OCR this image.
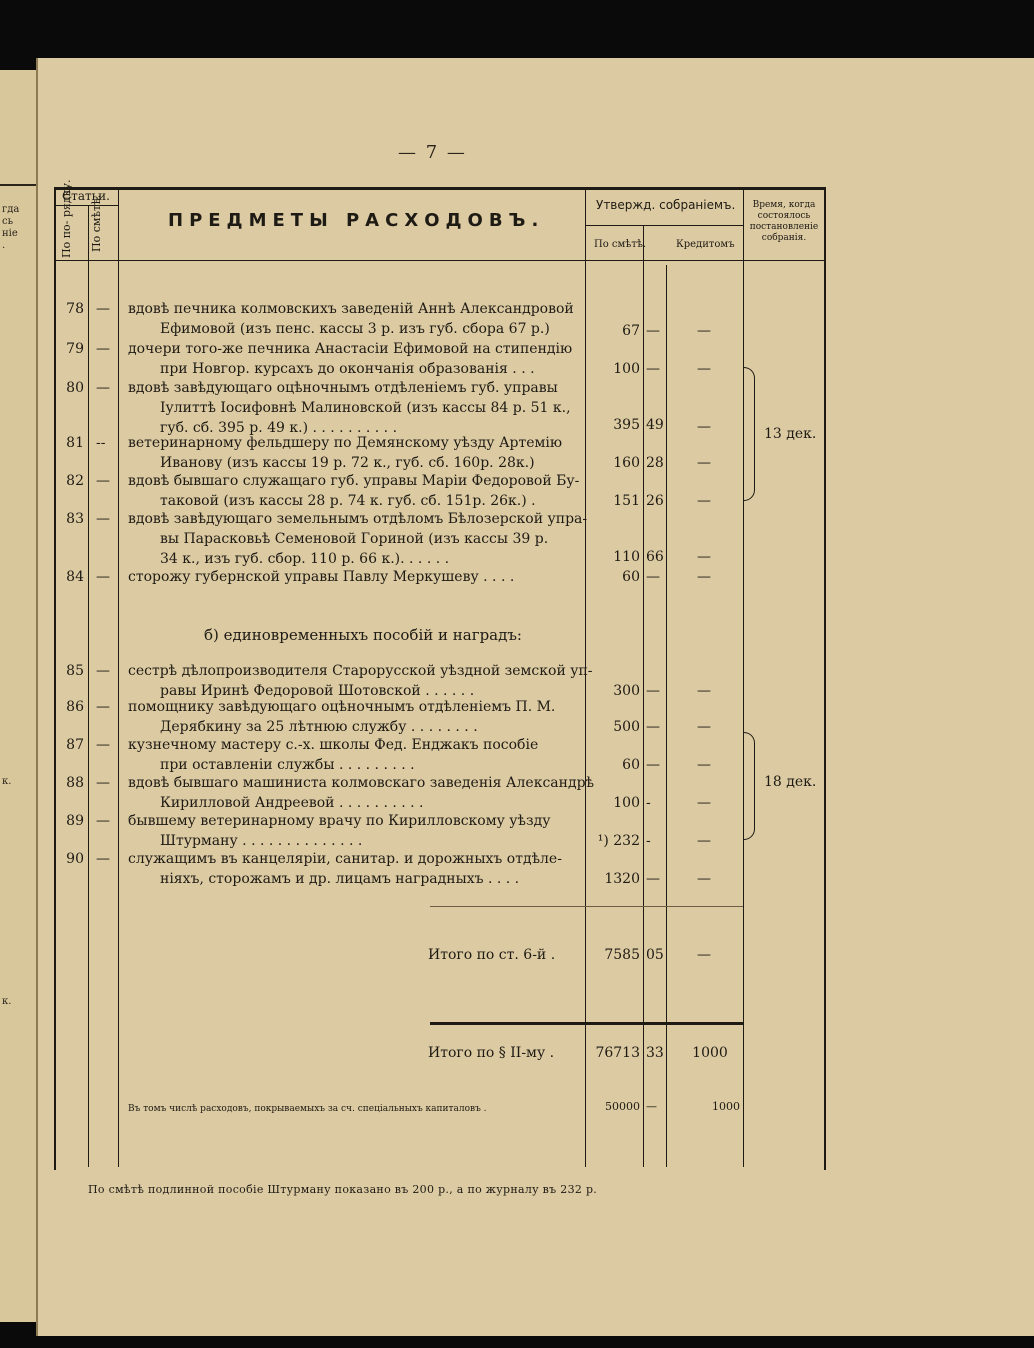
гда
сь
ніе
.
к.
к.
— 7 —
Статьи.
По по- рядку. По смѣтѣ.	ПРЕДМЕТЫ РАСХОДОВЪ.
Утвержд. собраніемъ.
По смѣтѣ.	Кредитомъ
Время, когда
состоялось
постановленіе
собранія.
78 — вдовѣ печника колмовскихъ заведеній Аннѣ Александровой
Ефимовой (изъ пенс. кассы 3 р. изъ губ. сбора 67 р.)	67 —	—
79 — дочери того-же печника Анастасіи Ефимовой на стипендію
при Новгор. курсахъ до окончанія образованія . . .	100 —	—
80 — вдовѣ завѣдующаго оцѣночнымъ отдѣленіемъ губ. управы
Іулиттѣ Іосифовнѣ Малиновской (изъ кассы 84 р. 51 к.,
губ. сб. 395 р. 49 к.) . . . . . . . . . .	395 49	—
81 -- ветеринарному фельдшеру по Демянскому уѣзду Артемію
Иванову (изъ кассы 19 р. 72 к., губ. сб. 160р. 28к.)	160 28	—
82 — вдовѣ бывшаго служащаго губ. управы Маріи Федоровой Бу-
таковой (изъ кассы 28 р. 74 к. губ. сб. 151р. 26к.) .	151 26	—
83 — вдовѣ завѣдующаго земельнымъ отдѣломъ Бѣлозерской упра-
вы Парасковьѣ Семеновой Гориной (изъ кассы 39 р.
34 к., изъ губ. сбор. 110 р. 66 к.). . . . . .	110 66	—
84 — сторожу губернской управы Павлу Меркушеву . . . .	60 —	—
13 дек.
б) единовременныхъ пособій и наградъ:
85 — сестрѣ дѣлопроизводителя Старорусской уѣздной земской уп-
равы Иринѣ Федоровой Шотовской . . . . . .	300 —	—
86 — помощнику завѣдующаго оцѣночнымъ отдѣленіемъ П. М.
Дерябкину за 25 лѣтнюю службу . . . . . . . .	500 —	—
87 — кузнечному мастеру с.-х. школы Фед. Енджакъ пособіе
при оставленіи службы . . . . . . . . .	60 —	—
88 — вдовѣ бывшаго машиниста колмовскаго заведенія Александрѣ
Кирилловой Андреевой . . . . . . . . . .	100 -	—
89 — бывшему ветеринарному врачу по Кирилловскому уѣзду
Штурману . . . . . . . . . . . . . .	¹) 232 -	—
90 — служащимъ въ канцеляріи, санитар. и дорожныхъ отдѣле-
ніяхъ, сторожамъ и др. лицамъ наградныхъ . . . .	1320 —	—
18 дек.
Итого по ст. 6-й .	7585 05	—
Итого по § II-му .	76713 33	1000
Въ томъ числѣ расходовъ, покрываемыхъ за сч. спеціальныхъ капиталовъ .	50000 —	1000
По смѣтѣ подлинной пособіе Штурману показано въ 200 р., а по журналу въ 232 р.
